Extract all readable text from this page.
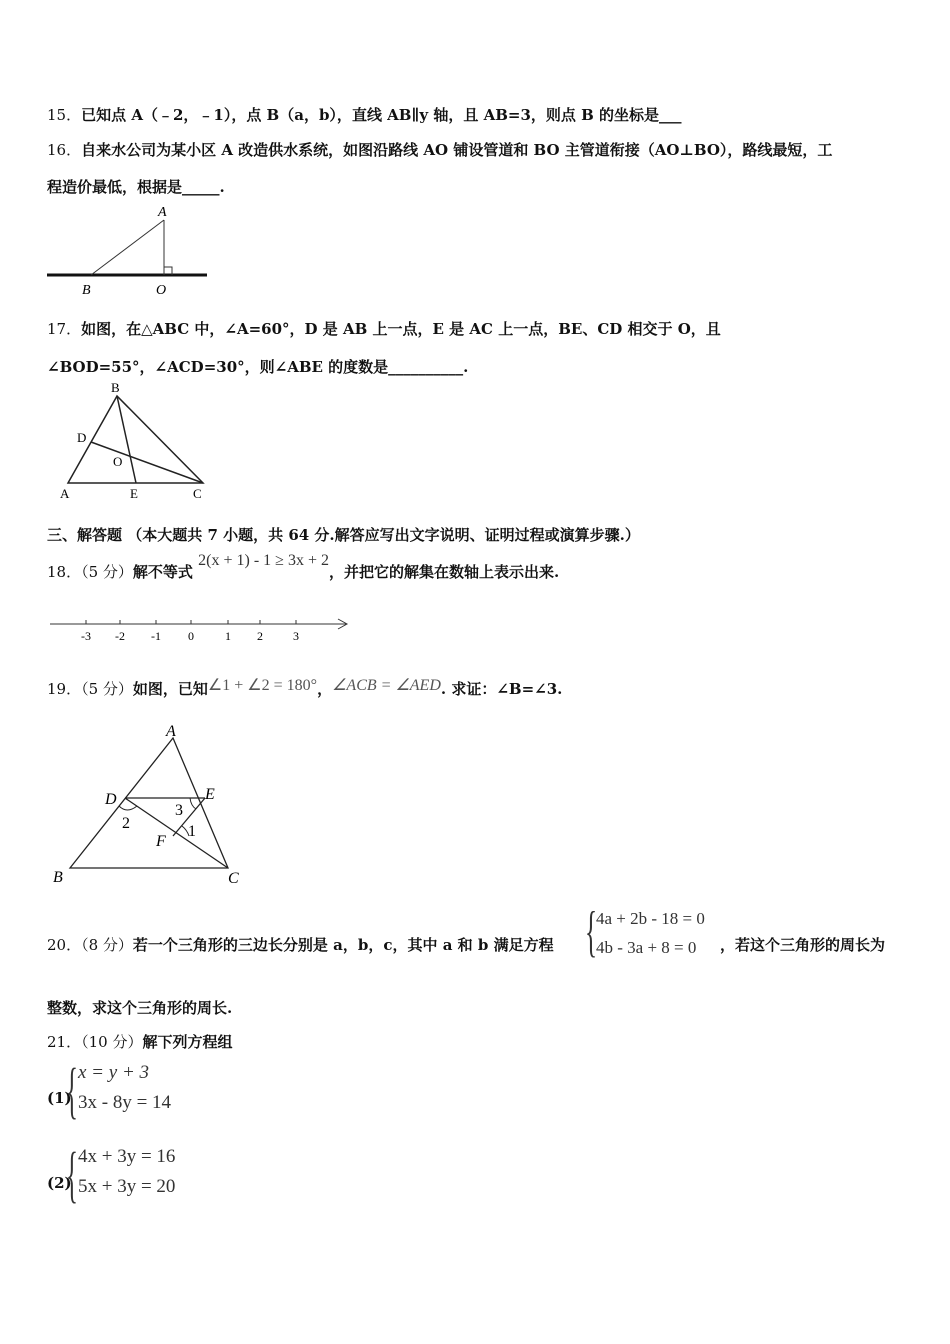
15．已知点 A（﹣2，﹣1），点 B（a，b），直线 AB∥y 轴，且 AB=3，则点 B 的坐标是___
16．自来水公司为某小区 A 改造供水系统，如图沿路线 AO 铺设管道和 BO 主管道衔接（AO⊥BO），路线最短，工
程造价最低，根据是_____.
A
B	O
17．如图，在△ABC 中，∠A=60°，D 是 AB 上一点，E 是 AC 上一点，BE、CD 相交于 O，且
∠BOD=55°，∠ACD=30°，则∠ABE 的度数是__________.
B
D
O
A	E	C
三、解答题 （本大题共 7 小题，共 64 分.解答应写出文字说明、证明过程或演算步骤.）
18．（5 分）解不等式 2(x + 1) - 1 ≥ 3x + 2，并把它的解集在数轴上表示出来.
-3 -2 -1 0	1 2	3
19．（5 分）如图，已知∠1 + ∠2 = 180°，∠ACB = ∠AED. 求证：∠B=∠3.
A
D	E
3
2	1
F
B	C
20．（8 分）若一个三角形的三边长分别是 a，b，c，其中 a 和 b 满足方程 {
4a + 2b - 18 = 0
4b - 3a + 8 = 0 ，若这个三角形的周长为
整数，求这个三角形的周长.
21．（10 分）解下列方程组
(1)
{ x = y + 3
3x - 8y = 14
(2)
{ 4x + 3y = 16
5x + 3y = 20
